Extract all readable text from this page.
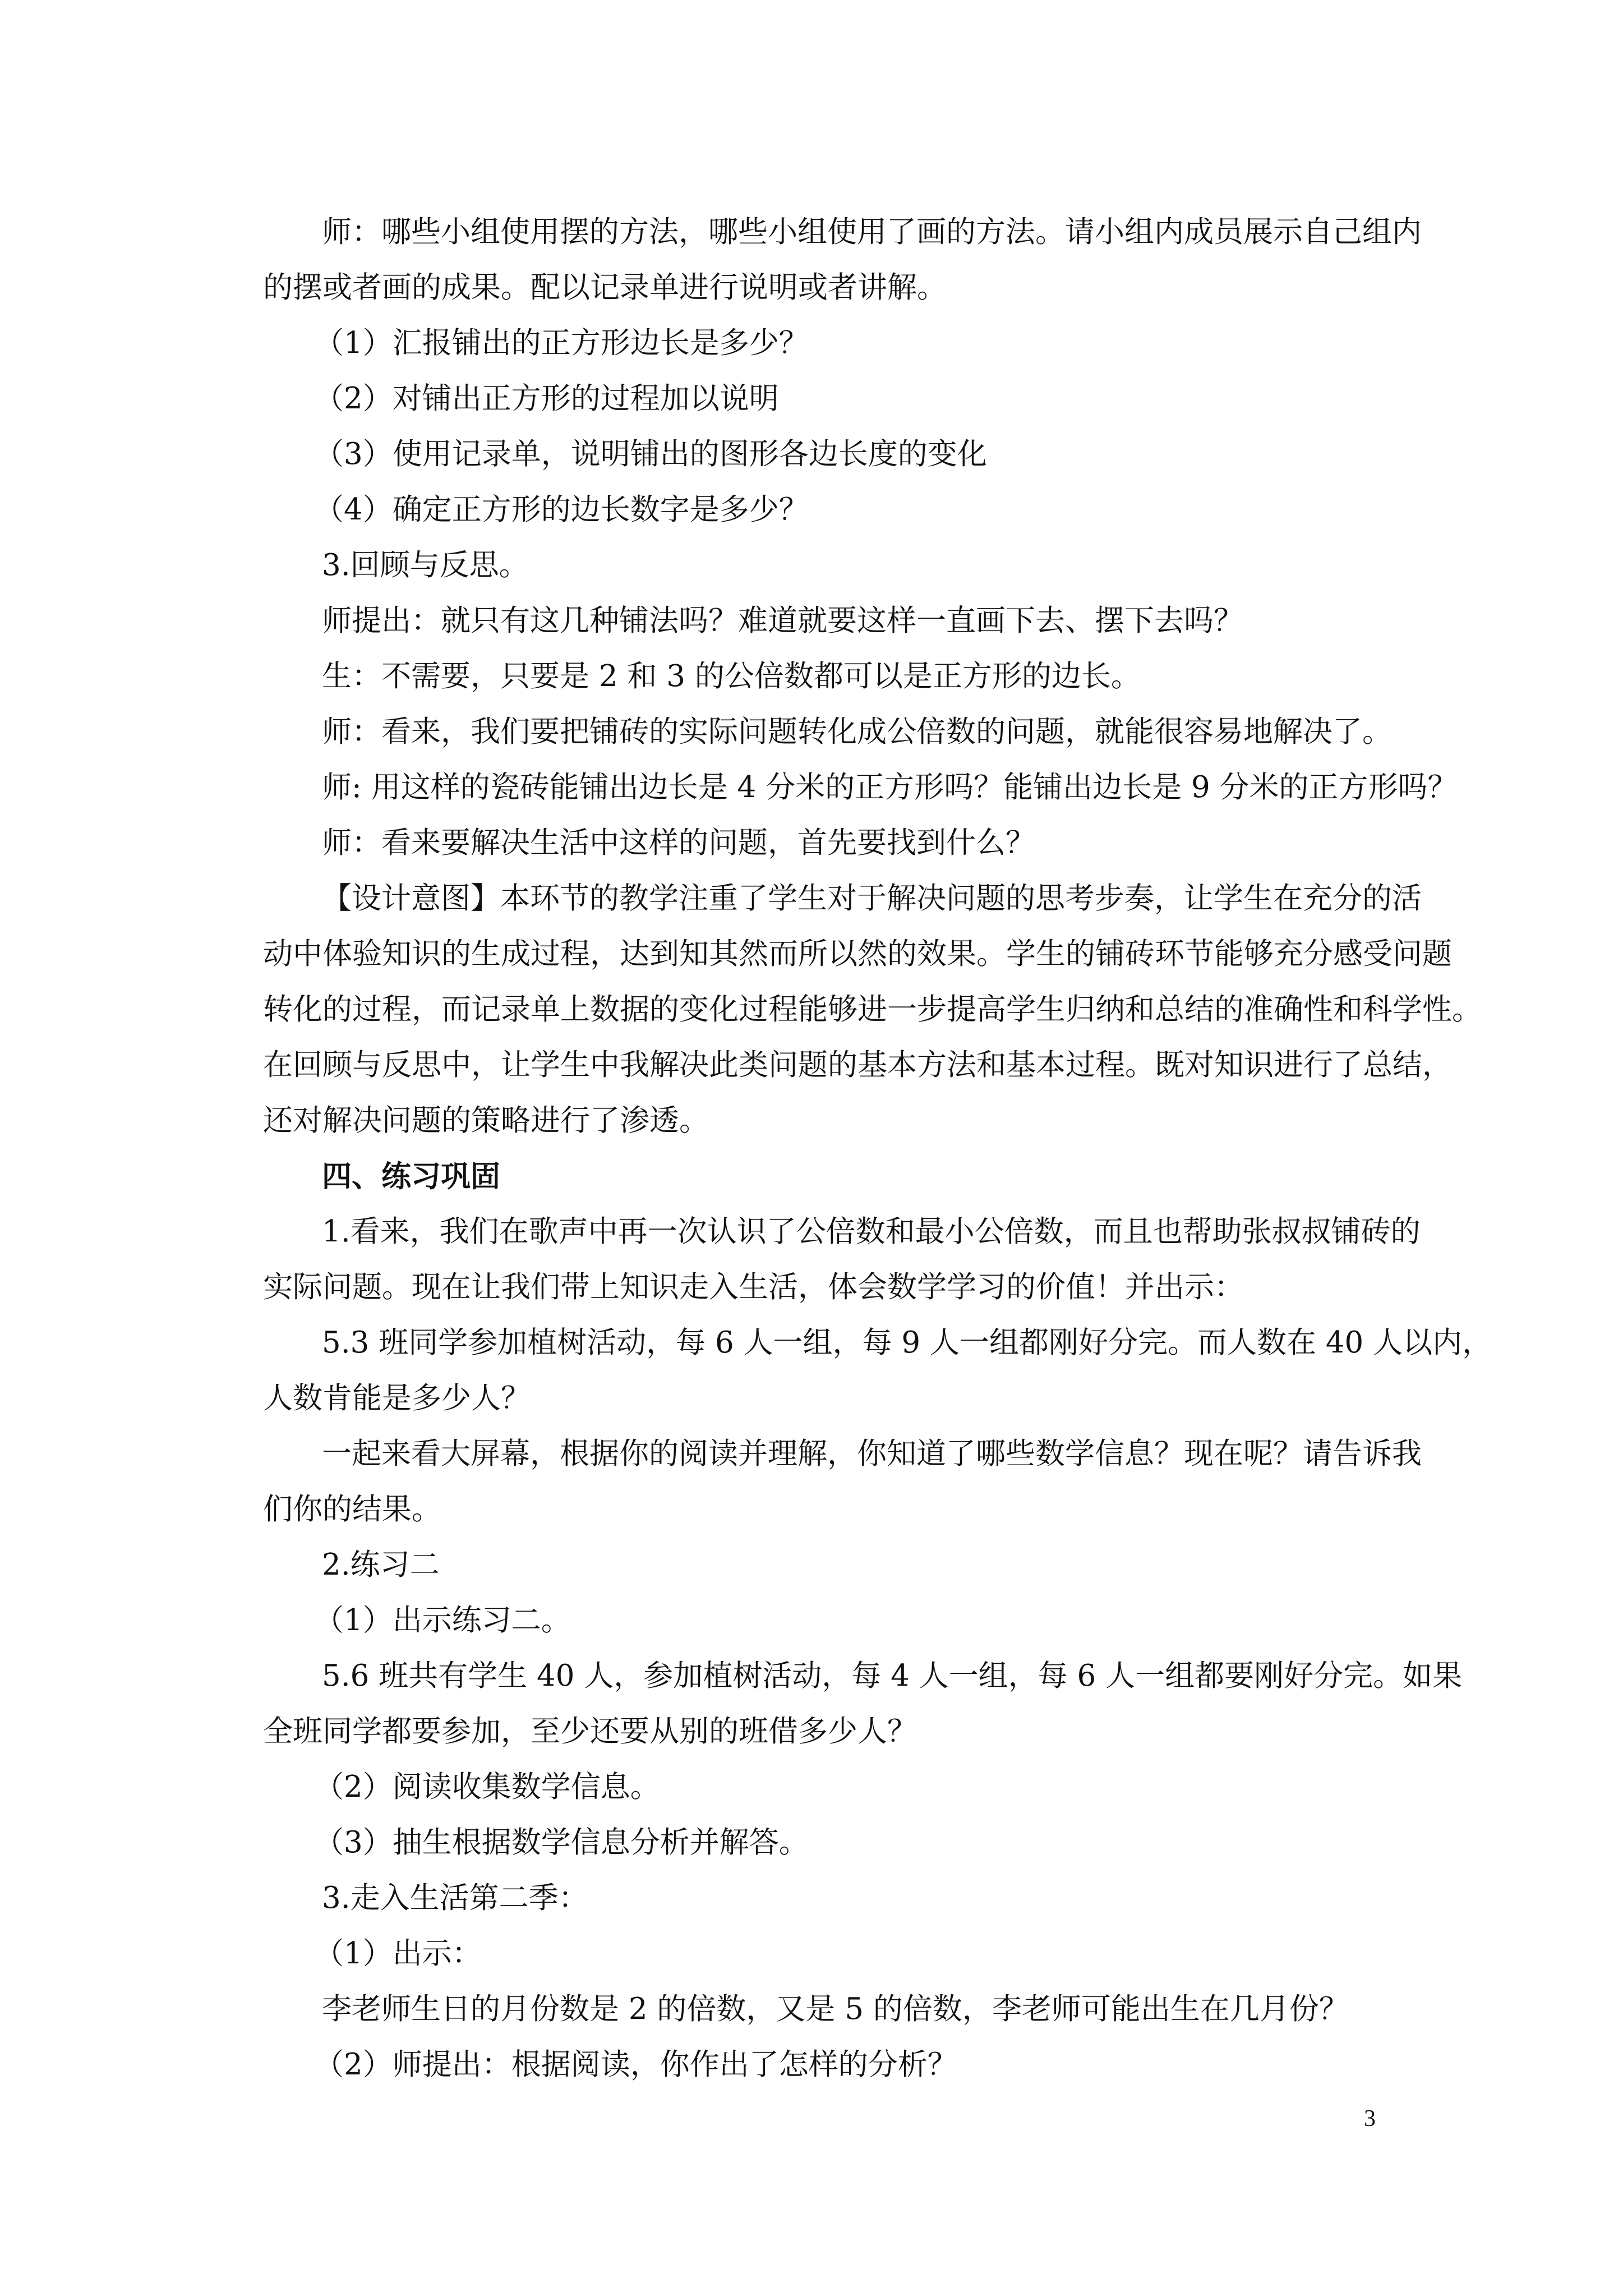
师：哪些小组使用摆的方法，哪些小组使用了画的方法。请小组内成员展示自己组内
的摆或者画的成果。配以记录单进行说明或者讲解。
（1）汇报铺出的正方形边长是多少？
（2）对铺出正方形的过程加以说明
（3）使用记录单，说明铺出的图形各边长度的变化
（4）确定正方形的边长数字是多少？
3.回顾与反思。
师提出：就只有这几种铺法吗？难道就要这样一直画下去、摆下去吗？
生：不需要，只要是 2 和 3 的公倍数都可以是正方形的边长。
师：看来，我们要把铺砖的实际问题转化成公倍数的问题，就能很容易地解决了。
师: 用这样的瓷砖能铺出边长是 4 分米的正方形吗？能铺出边长是 9 分米的正方形吗？
师：看来要解决生活中这样的问题，首先要找到什么？
【设计意图】本环节的教学注重了学生对于解决问题的思考步奏，让学生在充分的活
动中体验知识的生成过程，达到知其然而所以然的效果。学生的铺砖环节能够充分感受问题
转化的过程，而记录单上数据的变化过程能够进一步提高学生归纳和总结的准确性和科学性。
在回顾与反思中，让学生中我解决此类问题的基本方法和基本过程。既对知识进行了总结，
还对解决问题的策略进行了渗透。
四、练习巩固
1.看来，我们在歌声中再一次认识了公倍数和最小公倍数，而且也帮助张叔叔铺砖的
实际问题。现在让我们带上知识走入生活，体会数学学习的价值！并出示：
5.3 班同学参加植树活动，每 6 人一组，每 9 人一组都刚好分完。而人数在 40 人以内，
人数肯能是多少人？
一起来看大屏幕，根据你的阅读并理解，你知道了哪些数学信息？现在呢？请告诉我
们你的结果。
2.练习二
（1）出示练习二。
5.6 班共有学生 40 人，参加植树活动，每 4 人一组，每 6 人一组都要刚好分完。如果
全班同学都要参加，至少还要从别的班借多少人？
（2）阅读收集数学信息。
（3）抽生根据数学信息分析并解答。
3.走入生活第二季：
（1）出示：
李老师生日的月份数是 2 的倍数，又是 5 的倍数，李老师可能出生在几月份？
（2）师提出：根据阅读，你作出了怎样的分析？
3
